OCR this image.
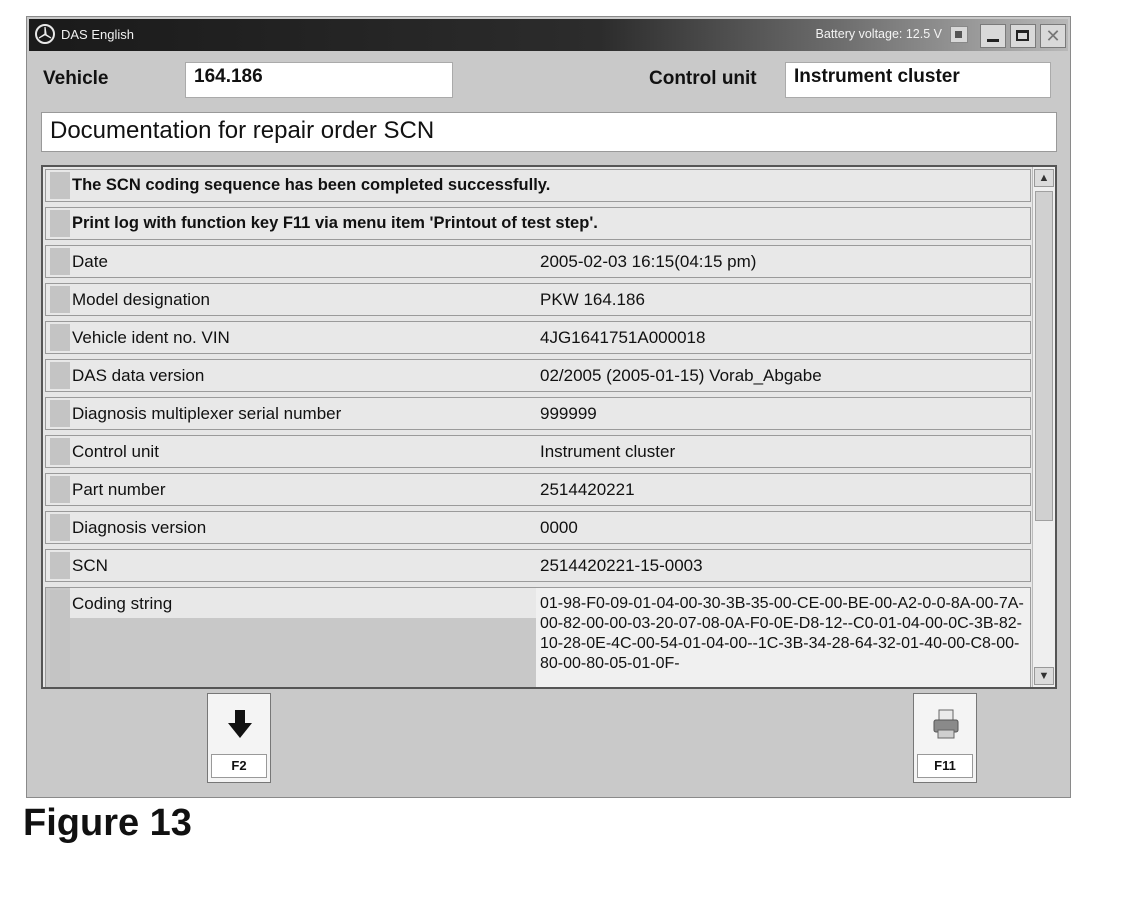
DAS English	Battery voltage: 12.5 V	✕
Vehicle	164.186	Control unit	Instrument cluster
Documentation for repair order SCN
The SCN coding sequence has been completed successfully.
Print log with function key F11 via menu item 'Printout of test step'.
Date	2005-02-03 16:15(04:15 pm)
Model designation	PKW 164.186
Vehicle ident no. VIN	4JG1641751A000018
DAS data version	02/2005 (2005-01-15) Vorab_Abgabe
Diagnosis multiplexer serial number	999999
Control unit	Instrument cluster
Part number	2514420221
Diagnosis version	0000
SCN	2514420221-15-0003
Coding string	01-98-F0-09-01-04-00-30-3B-35-00-CE-00-BE-00-A2-0-0-8A-00-7A-00-82-00-00-03-20-07-08-0A-F0-0E-D8-12--C0-01-04-00-0C-3B-82-10-28-0E-4C-00-54-01-04-00--1C-3B-34-28-64-32-01-40-00-C8-00-80-00-80-05-01-0F-
▲
▼
F2	F11
Figure 13
